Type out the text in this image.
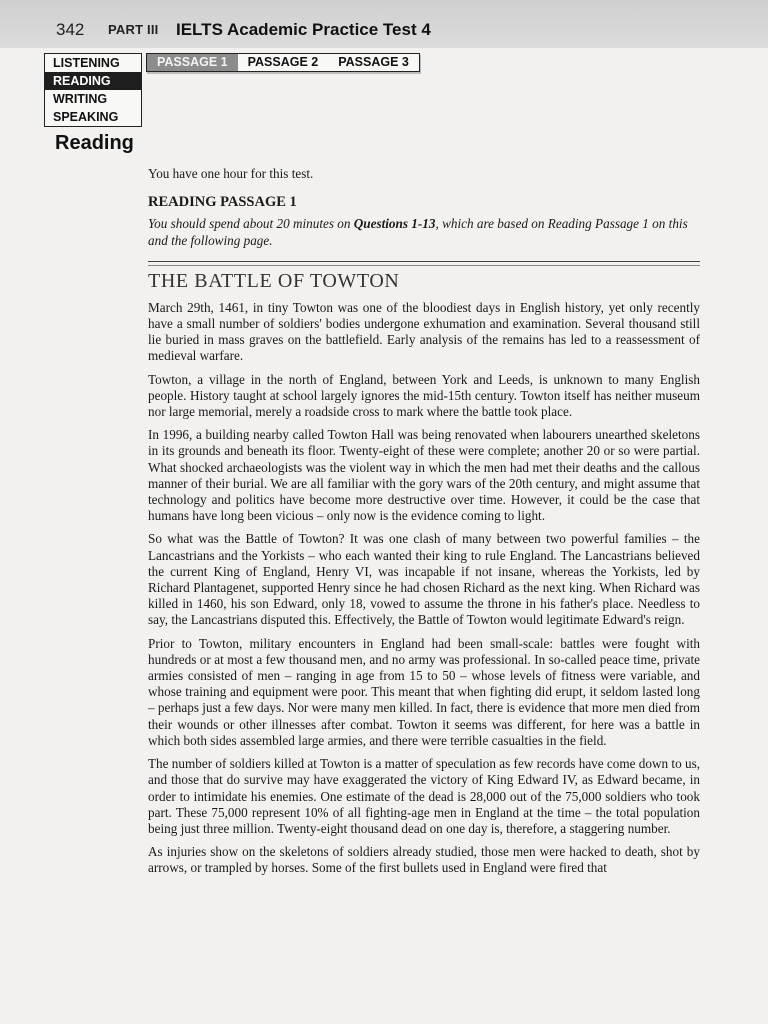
342 PART III IELTS Academic Practice Test 4
LISTENING
READING
WRITING
SPEAKING
PASSAGE 1	PASSAGE 2	PASSAGE 3
Reading

You have one hour for this test.

READING PASSAGE 1

You should spend about 20 minutes on Questions 1-13, which are based on Reading Passage 1 on this and the following page.

THE BATTLE OF TOWTON

March 29th, 1461, in tiny Towton was one of the bloodiest days in English history, yet only recently have a small number of soldiers' bodies undergone exhumation and examination. Several thousand still lie buried in mass graves on the battlefield. Early analysis of the remains has led to a reassessment of medieval warfare.

Towton, a village in the north of England, between York and Leeds, is unknown to many English people. History taught at school largely ignores the mid-15th century. Towton itself has neither museum nor large memorial, merely a roadside cross to mark where the battle took place.

In 1996, a building nearby called Towton Hall was being renovated when labourers unearthed skeletons in its grounds and beneath its floor. Twenty-eight of these were complete; another 20 or so were partial. What shocked archaeologists was the violent way in which the men had met their deaths and the callous manner of their burial. We are all familiar with the gory wars of the 20th century, and might assume that technology and politics have become more destructive over time. However, it could be the case that humans have long been vicious – only now is the evidence coming to light.

So what was the Battle of Towton? It was one clash of many between two powerful families – the Lancastrians and the Yorkists – who each wanted their king to rule England. The Lancastrians believed the current King of England, Henry VI, was incapable if not insane, whereas the Yorkists, led by Richard Plantagenet, supported Henry since he had chosen Richard as the next king. When Richard was killed in 1460, his son Edward, only 18, vowed to assume the throne in his father's place. Needless to say, the Lancastrians disputed this. Effectively, the Battle of Towton would legitimate Edward's reign.

Prior to Towton, military encounters in England had been small-scale: battles were fought with hundreds or at most a few thousand men, and no army was professional. In so-called peace time, private armies consisted of men – ranging in age from 15 to 50 – whose levels of fitness were variable, and whose training and equipment were poor. This meant that when fighting did erupt, it seldom lasted long – perhaps just a few days. Nor were many men killed. In fact, there is evidence that more men died from their wounds or other illnesses after combat. Towton it seems was different, for here was a battle in which both sides assembled large armies, and there were terrible casualties in the field.

The number of soldiers killed at Towton is a matter of speculation as few records have come down to us, and those that do survive may have exaggerated the victory of King Edward IV, as Edward became, in order to intimidate his enemies. One estimate of the dead is 28,000 out of the 75,000 soldiers who took part. These 75,000 represent 10% of all fighting-age men in England at the time – the total population being just three million. Twenty-eight thousand dead on one day is, therefore, a staggering number.

As injuries show on the skeletons of soldiers already studied, those men were hacked to death, shot by arrows, or trampled by horses. Some of the first bullets used in England were fired that
